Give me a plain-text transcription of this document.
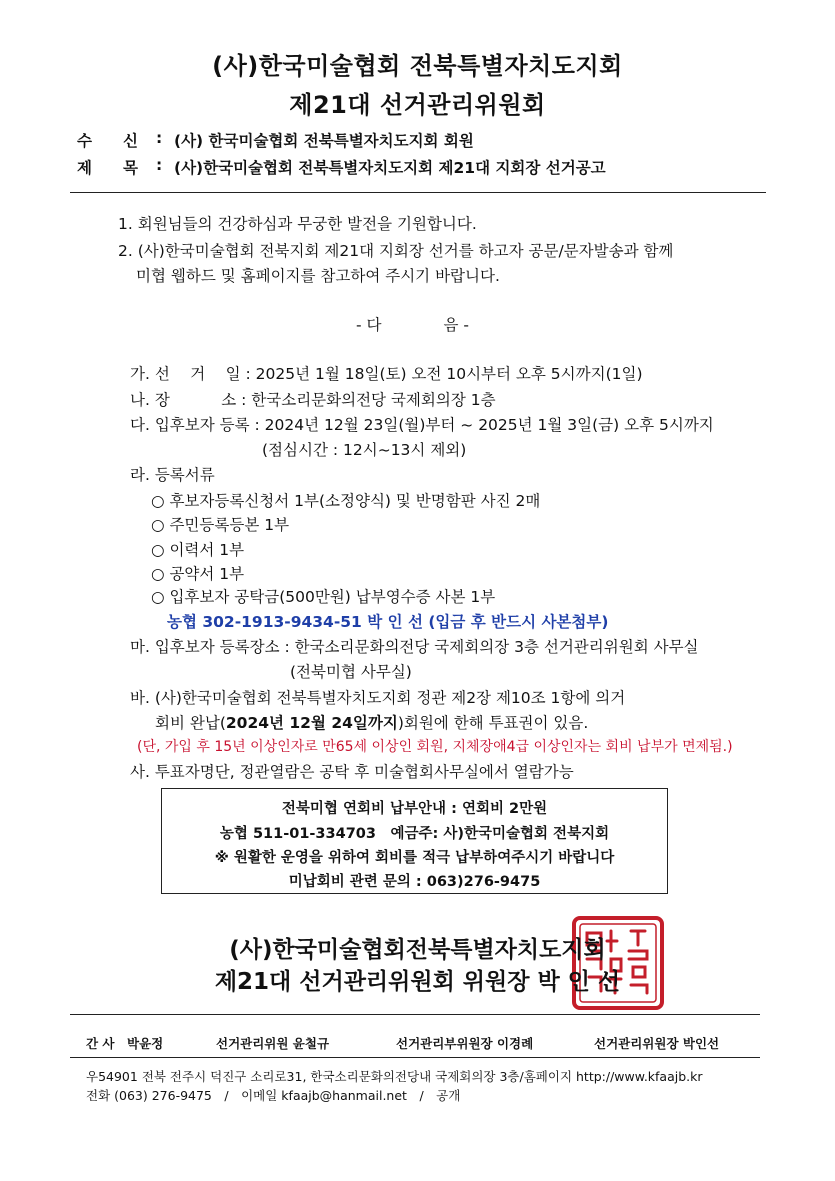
(사)한국미술협회 전북특별자치도지회
제21대 선거관리위원회
수　　신 : (사) 한국미술협회 전북특별자치도지회 회원
제　　목 : (사)한국미술협회 전북특별자치도지회 제21대 지회장 선거공고
1. 회원님들의 건강하심과 무궁한 발전을 기원합니다.
2. (사)한국미술협회 전북지회 제21대 지회장 선거를 하고자 공문/문자발송과 함께
미협 웹하드 및 홈페이지를 참고하여 주시기 바랍니다.
- 다　　　　음 -
가. 선　 거　 일 : 2025년 1월 18일(토) 오전 10시부터 오후 5시까지(1일)
나. 장　　　 소 : 한국소리문화의전당 국제회의장 1층
다. 입후보자 등록 : 2024년 12월 23일(월)부터 ~ 2025년 1월 3일(금) 오후 5시까지
(점심시간 : 12시~13시 제외)
라. 등록서류
○ 후보자등록신청서 1부(소정양식) 및 반명함판 사진 2매
○ 주민등록등본 1부
○ 이력서 1부
○ 공약서 1부
○ 입후보자 공탁금(500만원) 납부영수증 사본 1부
농협 302-1913-9434-51 박 인 선 (입금 후 반드시 사본첨부)
마. 입후보자 등록장소 : 한국소리문화의전당 국제회의장 3층 선거관리위원회 사무실
(전북미협 사무실)
바. (사)한국미술협회 전북특별자치도지회 정관 제2장 제10조 1항에 의거
회비 완납(2024년 12월 24일까지)회원에 한해 투표권이 있음.
(단, 가입 후 15년 이상인자로 만65세 이상인 회원, 지체장애4급 이상인자는 회비 납부가 면제됨.)
사. 투표자명단, 정관열람은 공탁 후 미술협회사무실에서 열람가능
전북미협 연회비 납부안내 : 연회비 2만원
농협 511-01-334703　예금주: 사)한국미술협회 전북지회
※ 원활한 운영을 위하여 회비를 적극 납부하여주시기 바랍니다
미납회비 관련 문의 : 063)276-9475
(사)한국미술협회전북특별자치도지회
제21대 선거관리위원회 위원장 박 인 선
간 사　박윤정	선거관리위원 윤철규	선거관리부위원장 이경례	선거관리위원장 박인선
우54901 전북 전주시 덕진구 소리로31, 한국소리문화의전당내 국제회의장 3층/홈페이지 http://www.kfaajb.kr
전화 (063) 276-9475　/　이메일 kfaajb@hanmail.net　/　공개
